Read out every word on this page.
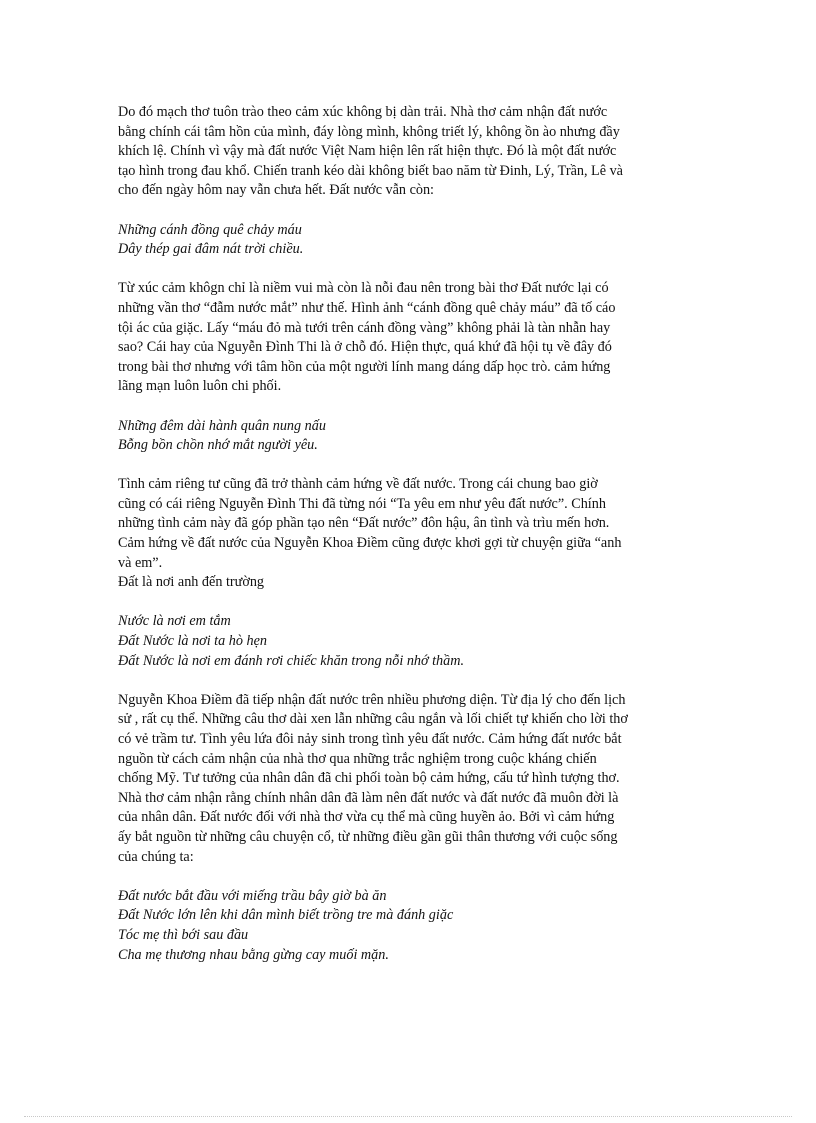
Do đó mạch thơ tuôn trào theo cảm xúc không bị dàn trải. Nhà thơ cảm nhận đất nước
bằng chính cái tâm hồn của mình, đáy lòng mình, không triết lý, không ồn ào nhưng đầy
khích lệ. Chính vì vậy mà đất nước Việt Nam hiện lên rất hiện thực. Đó là một đất nước
tạo hình trong đau khổ. Chiến tranh kéo dài không biết bao năm từ Đinh, Lý, Trần, Lê và
cho đến ngày hôm nay vẫn chưa hết. Đất nước vẫn còn:

Những cánh đồng quê chảy máu
Dây thép gai đâm nát trời chiều.

Từ xúc cảm khôgn chỉ là niềm vui mà còn là nỗi đau nên trong bài thơ Đất nước lại có
những vần thơ “đẫm nước mắt” như thế. Hình ảnh “cánh đồng quê chảy máu” đã tố cáo
tội ác của giặc. Lấy “máu đỏ mà tưới trên cánh đồng vàng” không phải là tàn nhẫn hay
sao? Cái hay của Nguyễn Đình Thi là ở chỗ đó. Hiện thực, quá khứ đã hội tụ về đây đó
trong bài thơ nhưng với tâm hồn của một người lính mang dáng dấp học trò. cảm hứng
lãng mạn luôn luôn chi phối.

Những đêm dài hành quân nung nấu
Bỗng bồn chồn nhớ mắt người yêu.

Tình cảm riêng tư cũng đã trở thành cảm hứng về đất nước. Trong cái chung bao giờ
cũng có cái riêng Nguyễn Đình Thi đã từng nói “Ta yêu em như yêu đất nước”. Chính
những tình cảm này đã góp phần tạo nên “Đất nước” đôn hậu, ân tình và trìu mến hơn.
Cảm hứng về đất nước của Nguyễn Khoa Điềm cũng được khơi gợi từ chuyện giữa “anh
và em”.
Đất là nơi anh đến trường

Nước là nơi em tắm
Đất Nước là nơi ta hò hẹn
Đất Nước là nơi em đánh rơi chiếc khăn trong nỗi nhớ thầm.

Nguyễn Khoa Điềm đã tiếp nhận đất nước trên nhiều phương diện. Từ địa lý cho đến lịch
sử , rất cụ thể. Những câu thơ dài xen lẫn những câu ngắn và lối chiết tự khiến cho lời thơ
có vẻ trầm tư. Tình yêu lứa đôi nảy sinh trong tình yêu đất nước. Cảm hứng đất nước bắt
nguồn từ cách cảm nhận của nhà thơ qua những trắc nghiệm trong cuộc kháng chiến
chống Mỹ. Tư tưởng của nhân dân đã chi phối toàn bộ cảm hứng, cấu tứ hình tượng thơ.
Nhà thơ cảm nhận rằng chính nhân dân đã làm nên đất nước và đất nước đã muôn đời là
của nhân dân. Đất nước đối với nhà thơ vừa cụ thể mà cũng huyền ảo. Bởi vì cảm hứng
ấy bắt nguồn từ những câu chuyện cổ, từ những điều gần gũi thân thương với cuộc sống
của chúng ta:

Đất nước bắt đầu với miếng trầu bây giờ bà ăn
Đất Nước lớn lên khi dân mình biết trồng tre mà đánh giặc
Tóc mẹ thì bới sau đầu
Cha mẹ thương nhau bằng gừng cay muối mặn.
